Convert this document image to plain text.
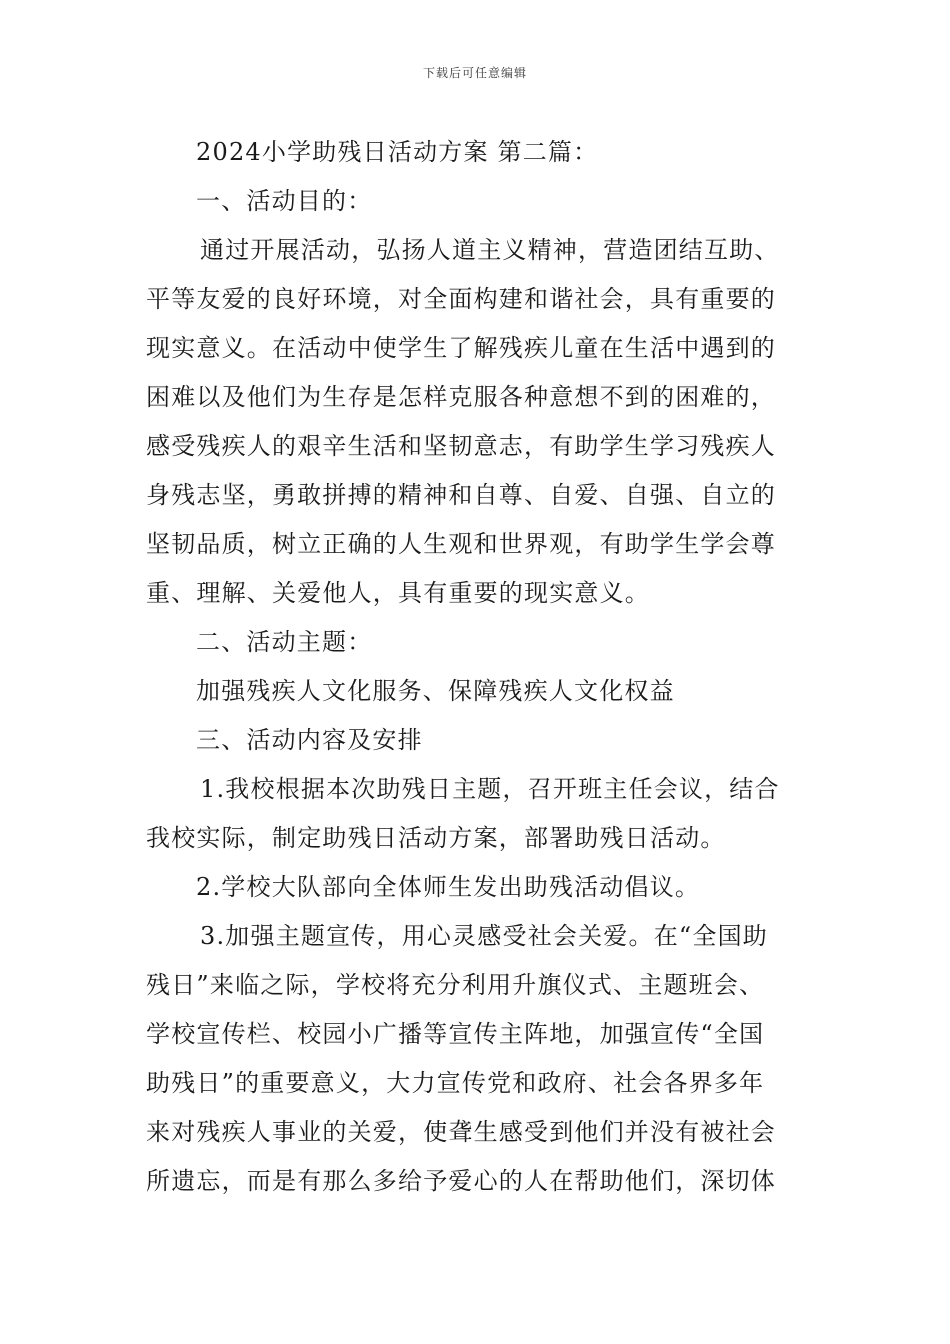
下载后可任意编辑
2024小学助残日活动方案 第二篇：
一、活动目的：
通过开展活动，弘扬人道主义精神，营造团结互助、
平等友爱的良好环境，对全面构建和谐社会，具有重要的
现实意义。在活动中使学生了解残疾儿童在生活中遇到的
困难以及他们为生存是怎样克服各种意想不到的困难的，
感受残疾人的艰辛生活和坚韧意志，有助学生学习残疾人
身残志坚，勇敢拼搏的精神和自尊、自爱、自强、自立的
坚韧品质，树立正确的人生观和世界观，有助学生学会尊
重、理解、关爱他人，具有重要的现实意义。
二、活动主题：
加强残疾人文化服务、保障残疾人文化权益
三、活动内容及安排
1.我校根据本次助残日主题，召开班主任会议，结合
我校实际，制定助残日活动方案，部署助残日活动。
2.学校大队部向全体师生发出助残活动倡议。
3.加强主题宣传，用心灵感受社会关爱。在“全国助
残日”来临之际，学校将充分利用升旗仪式、主题班会、
学校宣传栏、校园小广播等宣传主阵地，加强宣传“全国
助残日”的重要意义，大力宣传党和政府、社会各界多年
来对残疾人事业的关爱，使聋生感受到他们并没有被社会
所遗忘，而是有那么多给予爱心的人在帮助他们，深切体
